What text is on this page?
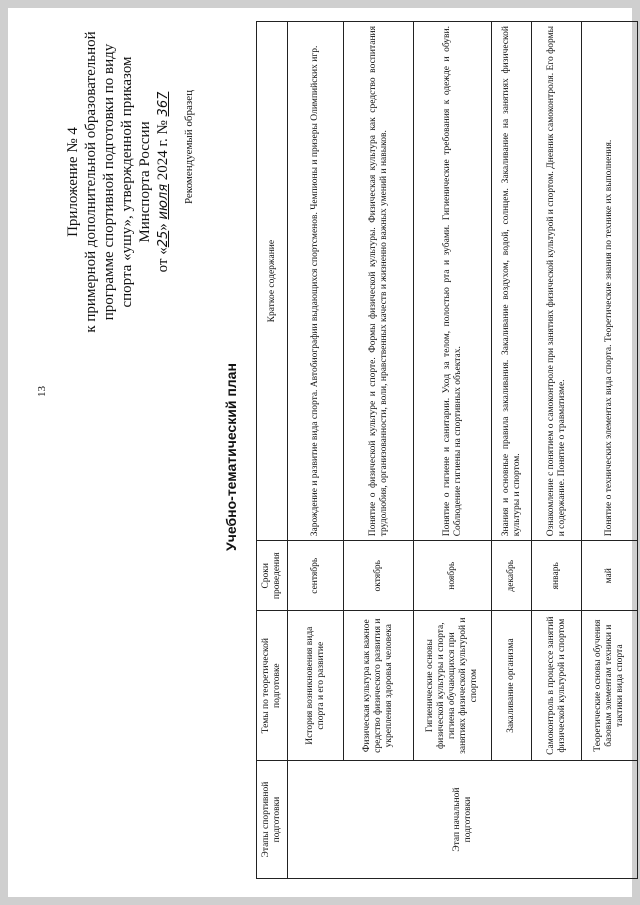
13
Приложение № 4 к примерной дополнительной образовательной программе спортивной подготовки по виду спорта «ушу», утвержденной приказом Минспорта России
от «25» июля 2024 г. № 367 Рекомендуемый образец
Учебно-тематический план
Этапы спортивной подготовки	Темы по теоретической подготовке	Сроки проведения	Краткое содержание
Этап начальной подготовки	История возникновения вида спорта и его развитие	сентябрь	Зарождение и развитие вида спорта. Автобиографии выдающихся спортсменов. Чемпионы и призеры Олимпийских игр.
	Физическая культура как важное средство физического развития и укрепления здоровья человека	октябрь	Понятие о физической культуре и спорте. Формы физической культуры. Физическая культура как средство воспитания трудолюбия, организованности, воли, нравственных качеств и жизненно важных умений и навыков.
	Гигиенические основы физической культуры и спорта, гигиена обучающихся при занятиях физической культурой и спортом	ноябрь	Понятие о гигиене и санитарии. Уход за телом, полостью рта и зубами. Гигиенические требования к одежде и обуви. Соблюдение гигиены на спортивных объектах.
	Закаливание организма	декабрь	Знания и основные правила закаливания. Закаливание воздухом, водой, солнцем. Закаливание на занятиях физической культуры и спортом.
	Самоконтроль в процессе занятий физической культурой и спортом	январь	Ознакомление с понятием о самоконтроле при занятиях физической культурой и спортом. Дневник самоконтроля. Его формы и содержание. Понятие о травматизме.
	Теоретические основы обучения базовым элементам техники и тактики вида спорта	май	Понятие о технических элементах вида спорта. Теоретические знания по технике их выполнения.
